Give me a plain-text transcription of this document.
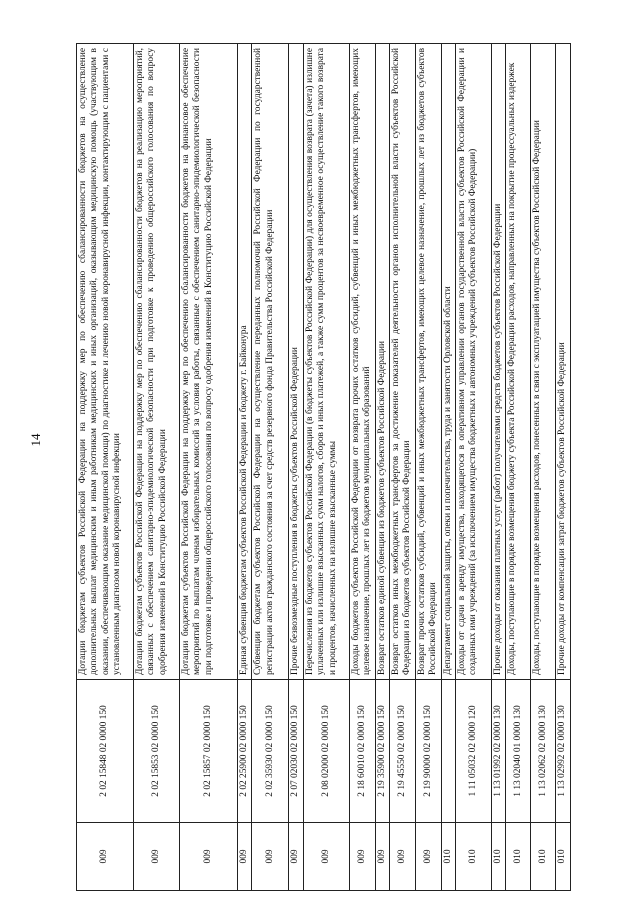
14
009	2 02 15848 02 0000 150	Дотации бюджетам субъектов Российской Федерации на поддержку мер по обеспечению сбалансированности бюджетов на осуществление дополнительных выплат медицинским и иным работникам медицинских и иных организаций, оказывающим медицинскую помощь (участвующим в оказании, обеспечивающим оказание медицинской помощи) по диагностике и лечению новой коронавирусной инфекции, контактирующим с пациентами с установленным диагнозом новой коронавирусной инфекции
009	2 02 15853 02 0000 150	Дотации бюджетам субъектов Российской Федерации на поддержку мер по обеспечению сбалансированности бюджетов на реализацию мероприятий, связанных с обеспечением санитарно-эпидемиологической безопасности при подготовке к проведению общероссийского голосования по вопросу одобрения изменений в Конституцию Российской Федерации
009	2 02 15857 02 0000 150	Дотации бюджетам субъектов Российской Федерации на поддержку мер по обеспечению сбалансированности бюджетов на финансовое обеспечение мероприятий по выплатам членам избирательных комиссий за условия работы, связанные с обеспечением санитарно-эпидемиологической безопасности при подготовке и проведении общероссийского голосования по вопросу одобрения изменений в Конституцию Российской Федерации
009	2 02 25900 02 0000 150	Единая субвенция бюджетам субъектов Российской Федерации и бюджету г. Байконура
009	2 02 35930 02 0000 150	Субвенции бюджетам субъектов Российской Федерации на осуществление переданных полномочий Российской Федерации по государственной регистрации актов гражданского состояния за счет средств резервного фонда Правительства Российской Федерации
009	2 07 02030 02 0000 150	Прочие безвозмездные поступления в бюджеты субъектов Российской Федерации
009	2 08 02000 02 0000 150	Перечисления из бюджетов субъектов Российской Федерации (в бюджеты субъектов Российской Федерации) для осуществления возврата (зачета) излишне уплаченных или излишне взысканных сумм налогов, сборов и иных платежей, а также сумм процентов за несвоевременное осуществление такого возврата и процентов, начисленных на излишне взысканные суммы
009	2 18 60010 02 0000 150	Доходы бюджетов субъектов Российской Федерации от возврата прочих остатков субсидий, субвенций и иных межбюджетных трансфертов, имеющих целевое назначение, прошлых лет из бюджетов муниципальных образований
009	2 19 35900 02 0000 150	Возврат остатков единой субвенции из бюджетов субъектов Российской Федерации
009	2 19 45550 02 0000 150	Возврат остатков иных межбюджетных трансфертов за достижение показателей деятельности органов исполнительной власти субъектов Российской Федерации из бюджетов субъектов Российской Федерации
009	2 19 90000 02 0000 150	Возврат прочих остатков субсидий, субвенций и иных межбюджетных трансфертов, имеющих целевое назначение, прошлых лет из бюджетов субъектов Российской Федерации
010		Департамент социальной защиты, опеки и попечительства, труда и занятости Орловской области
010	1 11 05032 02 0000 120	Доходы от сдачи в аренду имущества, находящегося в оперативном управлении органов государственной власти субъектов Российской Федерации и созданных ими учреждений (за исключением имущества бюджетных и автономных учреждений субъектов Российской Федерации)
010	1 13 01992 02 0000 130	Прочие доходы от оказания платных услуг (работ) получателями средств бюджетов субъектов Российской Федерации
010	1 13 02040 01 0000 130	Доходы, поступающие в порядке возмещения бюджету субъекта Российской Федерации расходов, направленных на покрытие процессуальных издержек
010	1 13 02062 02 0000 130	Доходы, поступающие в порядке возмещения расходов, понесенных в связи с эксплуатацией имущества субъектов Российской Федерации
010	1 13 02992 02 0000 130	Прочие доходы от компенсации затрат бюджетов субъектов Российской Федерации
